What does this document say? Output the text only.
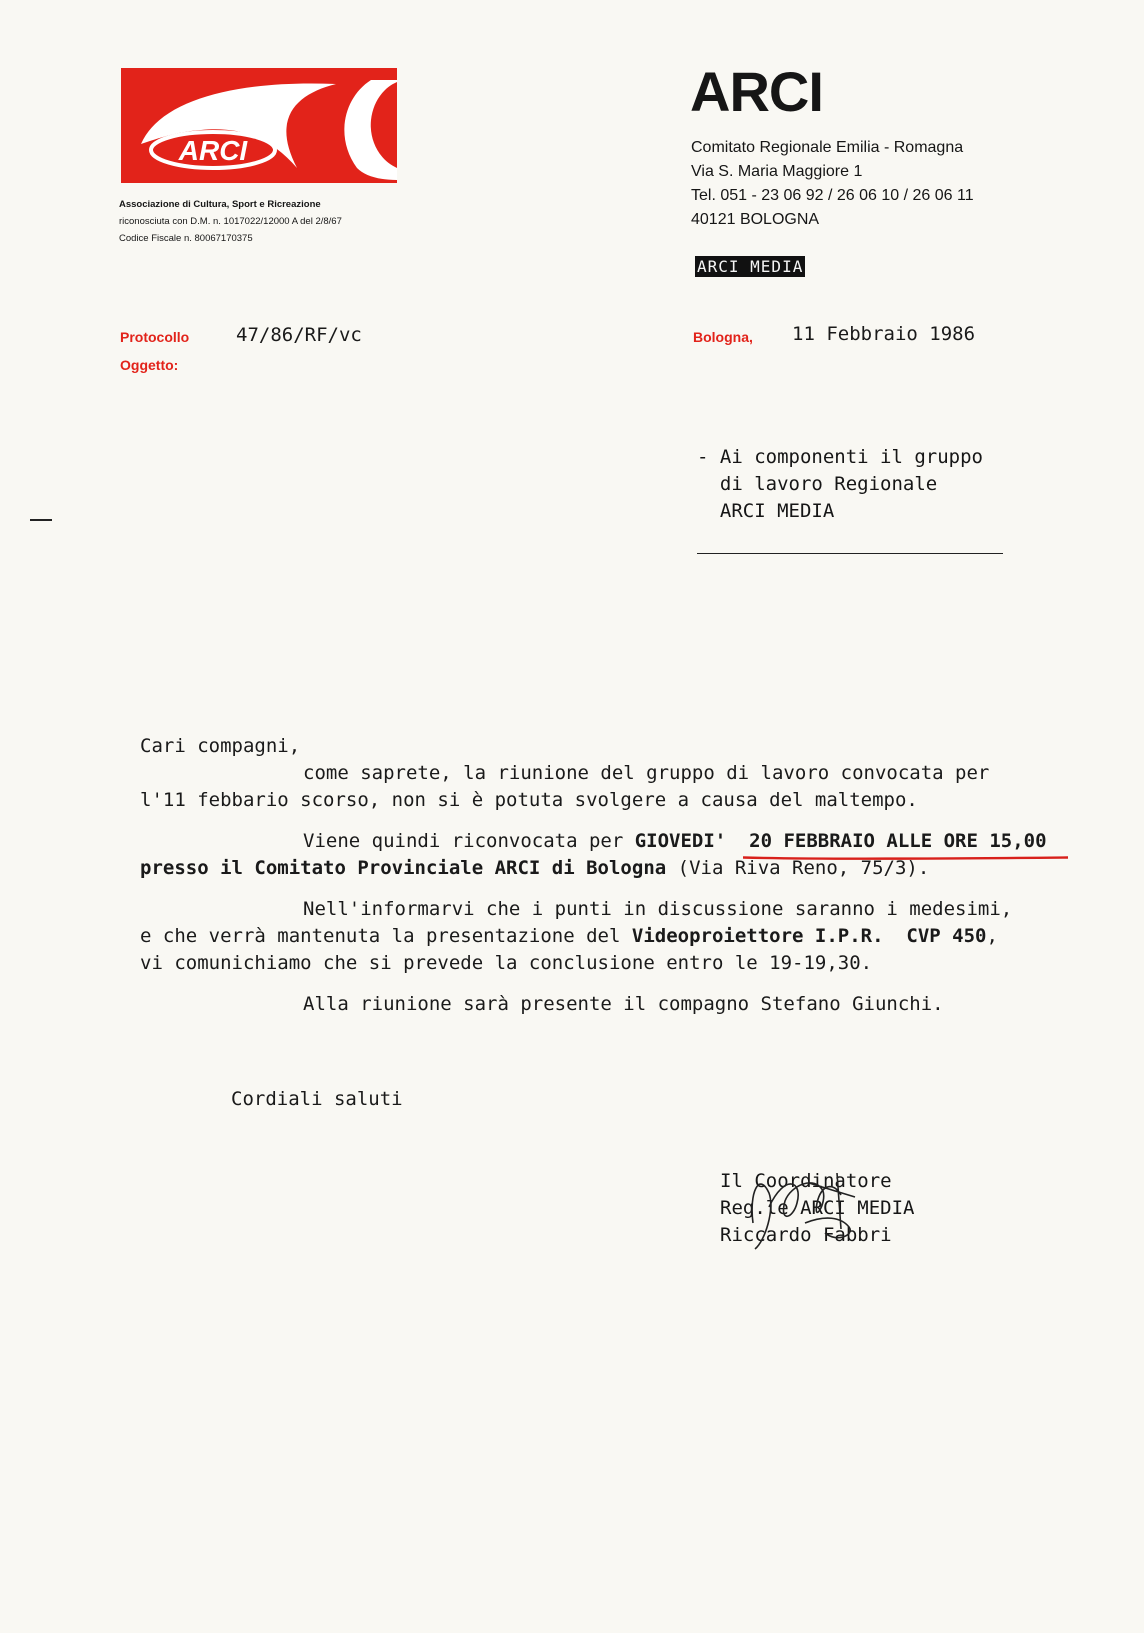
ARCI
Associazione di Cultura, Sport e Ricreazione
riconosciuta con D.M. n. 1017022/12000 A del 2/8/67
Codice Fiscale n. 80067170375
ARCI
Comitato Regionale Emilia - Romagna
Via S. Maria Maggiore 1
Tel. 051 - 23 06 92 / 26 06 10 / 26 06 11
40121 BOLOGNA
ARCI MEDIA
Protocollo 47/86/RF/vc
Oggetto:
Bologna, 11 Febbraio 1986
- Ai componenti il gruppo
di lavoro Regionale
ARCI MEDIA
Cari compagni,
come saprete, la riunione del gruppo di lavoro convocata per
l'11 febbario scorso, non si è potuta svolgere a causa del maltempo.
Viene quindi riconvocata per GIOVEDI' 20 FEBBRAIO ALLE ORE 15,00
presso il Comitato Provinciale ARCI di Bologna (Via Riva Reno, 75/3).
Nell'informarvi che i punti in discussione saranno i medesimi,
e che verrà mantenuta la presentazione del Videoproiettore I.P.R.  CVP 450,
vi comunichiamo che si prevede la conclusione entro le 19-19,30.
Alla riunione sarà presente il compagno Stefano Giunchi.
Cordiali saluti
Il Coordinatore
Reg.le ARCI MEDIA
Riccardo Fabbri
